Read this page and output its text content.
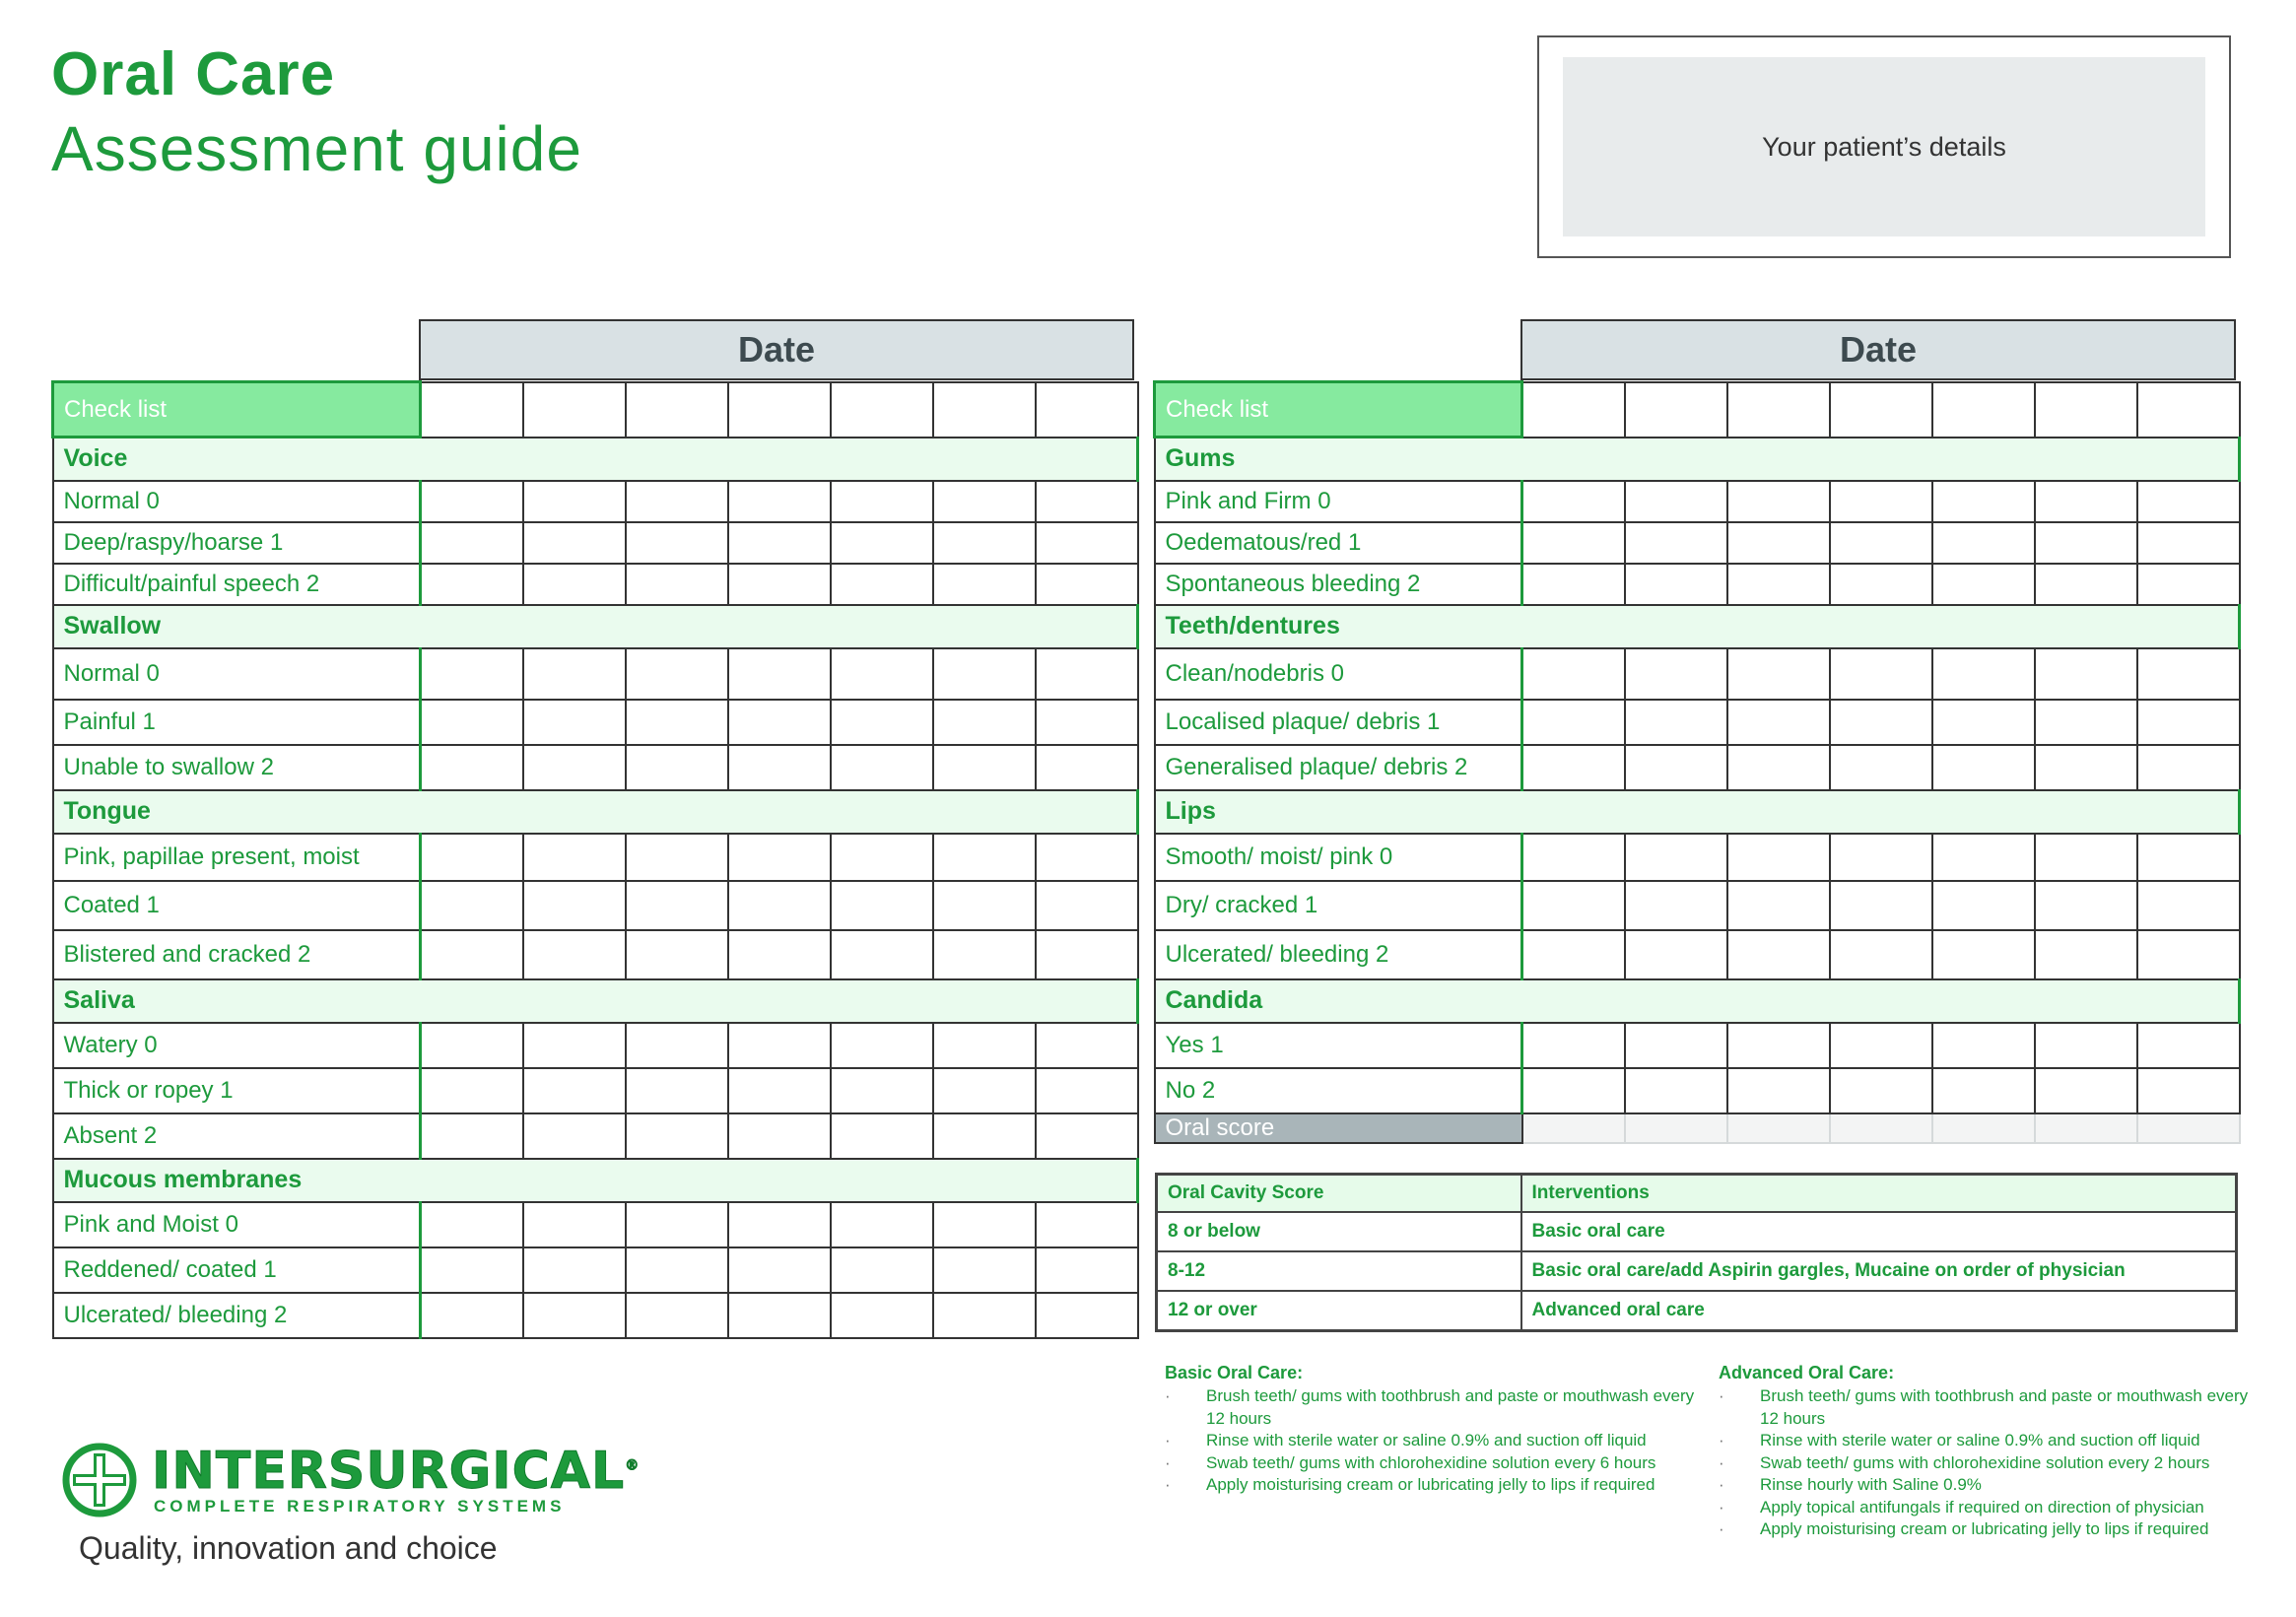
Oral Care
Assessment guide	Your patient’s details
Date
Check list							
Voice							
Normal 0							
Deep/raspy/hoarse 1							
Difficult/painful speech 2							
Swallow							
Normal 0							
Painful 1							
Unable to swallow 2							
Tongue							
Pink, papillae present, moist							
Coated 1							
Blistered and cracked 2							
Saliva							
Watery 0							
Thick or ropey 1							
Absent 2							
Mucous membranes							
Pink and Moist 0							
Reddened/ coated 1							
Ulcerated/ bleeding 2							
Date
Check list							
Gums							
Pink and Firm 0							
Oedematous/red 1							
Spontaneous bleeding 2							
Teeth/dentures							
Clean/nodebris 0							
Localised plaque/ debris 1							
Generalised plaque/ debris 2							
Lips							
Smooth/ moist/ pink 0							
Dry/ cracked 1							
Ulcerated/ bleeding 2							
Candida							
Yes 1							
No 2							
Oral score							
Oral Cavity Score	Interventions
8 or below	Basic oral care
8-12	Basic oral care/add Aspirin gargles, Mucaine on order of physician
12 or over	Advanced oral care
Basic Oral Care:
· Brush teeth/ gums with toothbrush and paste or mouthwash every 12 hours
· Rinse with sterile water or saline 0.9% and suction off liquid
· Swab teeth/ gums with chlorohexidine solution every 6 hours
· Apply moisturising cream or lubricating jelly to lips if required
Advanced Oral Care:
· Brush teeth/ gums with toothbrush and paste or mouthwash every 12 hours
· Rinse with sterile water or saline 0.9% and suction off liquid
· Swab teeth/ gums with chlorohexidine solution every 2 hours
· Rinse hourly with Saline 0.9%
· Apply topical antifungals if required on direction of physician
· Apply moisturising cream or lubricating jelly to lips if required
INTERSURGICAL®
COMPLETE RESPIRATORY SYSTEMS
Quality, innovation and choice
